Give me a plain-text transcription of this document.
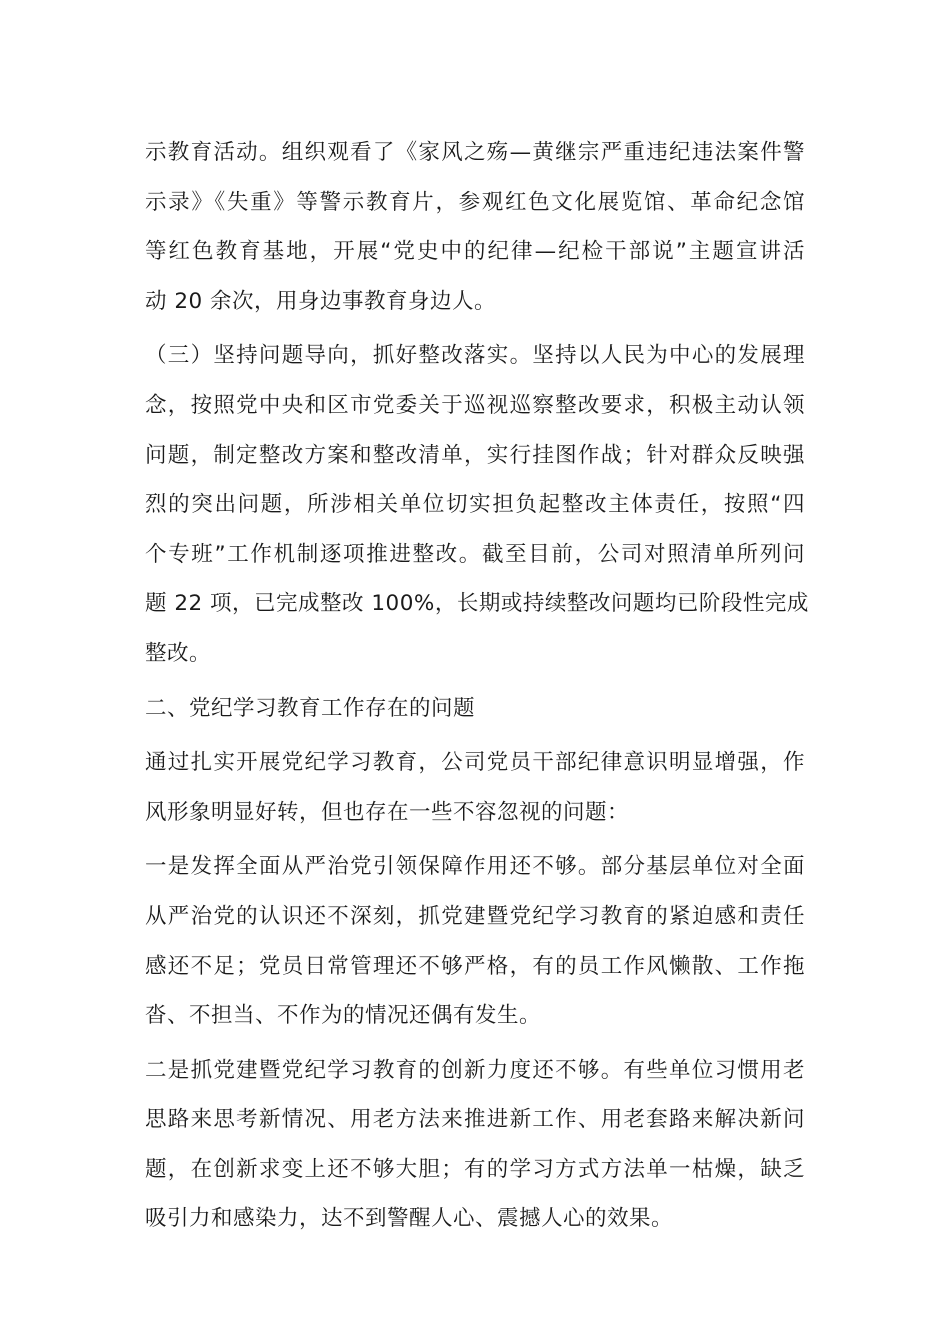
示教育活动。组织观看了《家风之殇—黄继宗严重违纪违法案件警
示录》《失重》等警示教育片，参观红色文化展览馆、革命纪念馆
等红色教育基地，开展“党史中的纪律—纪检干部说”主题宣讲活
动 20 余次，用身边事教育身边人。
（三）坚持问题导向，抓好整改落实。坚持以人民为中心的发展理
念，按照党中央和区市党委关于巡视巡察整改要求，积极主动认领
问题，制定整改方案和整改清单，实行挂图作战；针对群众反映强
烈的突出问题，所涉相关单位切实担负起整改主体责任，按照“四
个专班”工作机制逐项推进整改。截至目前，公司对照清单所列问
题 22 项，已完成整改 100%，长期或持续整改问题均已阶段性完成
整改。
二、党纪学习教育工作存在的问题
通过扎实开展党纪学习教育，公司党员干部纪律意识明显增强，作
风形象明显好转，但也存在一些不容忽视的问题：
一是发挥全面从严治党引领保障作用还不够。部分基层单位对全面
从严治党的认识还不深刻，抓党建暨党纪学习教育的紧迫感和责任
感还不足；党员日常管理还不够严格，有的员工作风懒散、工作拖
沓、不担当、不作为的情况还偶有发生。
二是抓党建暨党纪学习教育的创新力度还不够。有些单位习惯用老
思路来思考新情况、用老方法来推进新工作、用老套路来解决新问
题，在创新求变上还不够大胆；有的学习方式方法单一枯燥，缺乏
吸引力和感染力，达不到警醒人心、震撼人心的效果。
